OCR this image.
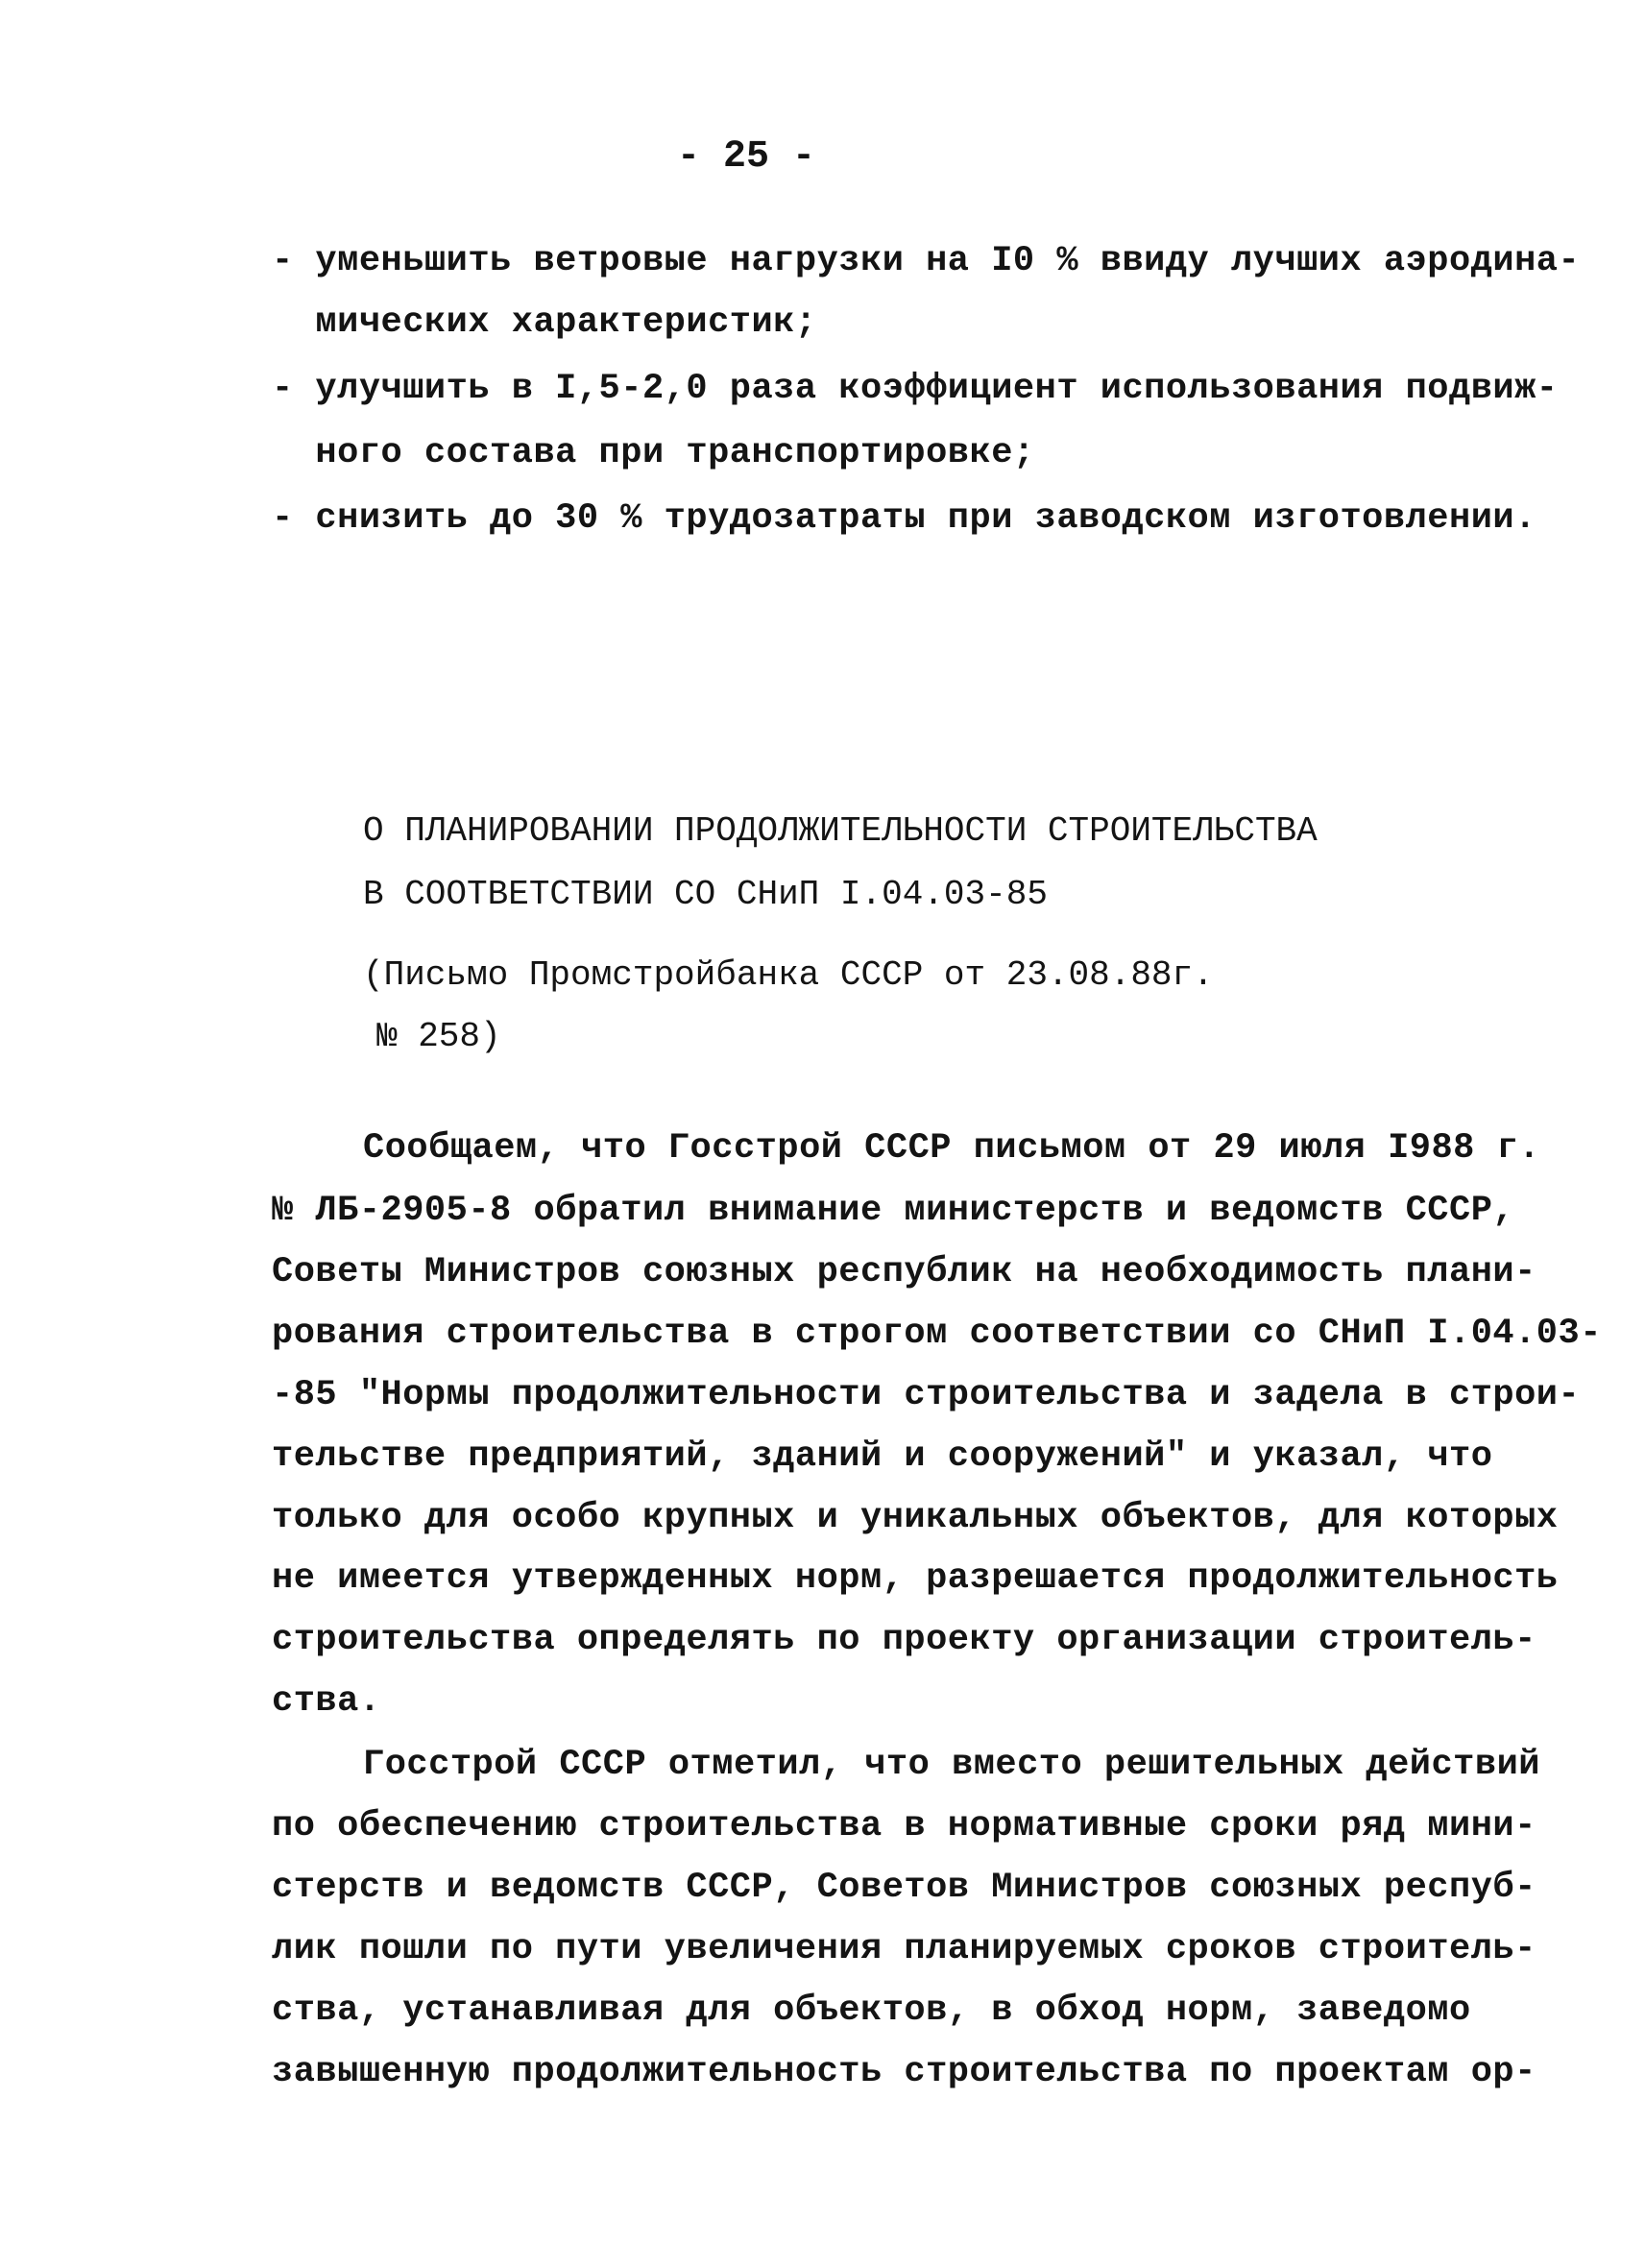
- 25 -
- уменьшить ветровые нагрузки на I0 % ввиду лучших аэродина-
мических характеристик;
- улучшить в I,5-2,0 раза коэффициент использования подвиж-
ного состава при транспортировке;
- снизить до 30 % трудозатраты при заводском изготовлении.
О ПЛАНИРОВАНИИ ПРОДОЛЖИТЕЛЬНОСТИ СТРОИТЕЛЬСТВА
В СООТВЕТСТВИИ СО СНиП I.04.03-85
(Письмо Промстройбанка СССР от 23.08.88г.
№ 258)
Сообщаем, что Госстрой СССР письмом от 29 июля I988 г.
№ ЛБ-2905-8 обратил внимание министерств и ведомств СССР,
Советы Министров союзных республик на необходимость плани-
рования строительства в строгом соответствии со СНиП I.04.03-
-85 "Нормы продолжительности строительства и задела в строи-
тельстве предприятий, зданий и сооружений" и указал, что
только для особо крупных и уникальных объектов, для которых
не имеется утвержденных норм, разрешается продолжительность
строительства определять по проекту организации строитель-
ства.
Госстрой СССР отметил, что вместо решительных действий
по обеспечению строительства в нормативные сроки ряд мини-
стерств и ведомств СССР, Советов Министров союзных респуб-
лик пошли по пути увеличения планируемых сроков строитель-
ства, устанавливая для объектов, в обход норм, заведомо
завышенную продолжительность строительства по проектам ор-
